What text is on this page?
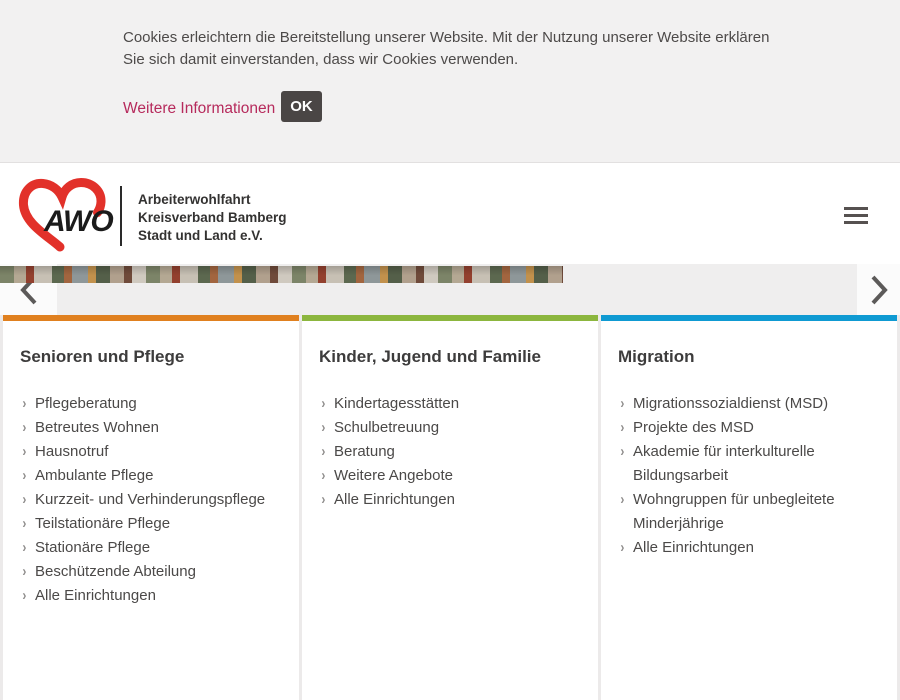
Cookies erleichtern die Bereitstellung unserer Website. Mit der Nutzung unserer Website erklären
Sie sich damit einverstanden, dass wir Cookies verwenden.
Weitere Informationen	OK
AWO
Arbeiterwohlfahrt
Kreisverband Bamberg
Stadt und Land e.V.
Senioren und Pflege
› Pflegeberatung
› Betreutes Wohnen
› Hausnotruf
› Ambulante Pflege
› Kurzzeit- und Verhinderungspflege
› Teilstationäre Pflege
› Stationäre Pflege
› Beschützende Abteilung
› Alle Einrichtungen
Kinder, Jugend und Familie
› Kindertagesstätten
› Schulbetreuung
› Beratung
› Weitere Angebote
› Alle Einrichtungen
Migration
› Migrationssozialdienst (MSD)
› Projekte des MSD
› Akademie für interkulturelle Bildungsarbeit
› Wohngruppen für unbegleitete Minderjährige
› Alle Einrichtungen
